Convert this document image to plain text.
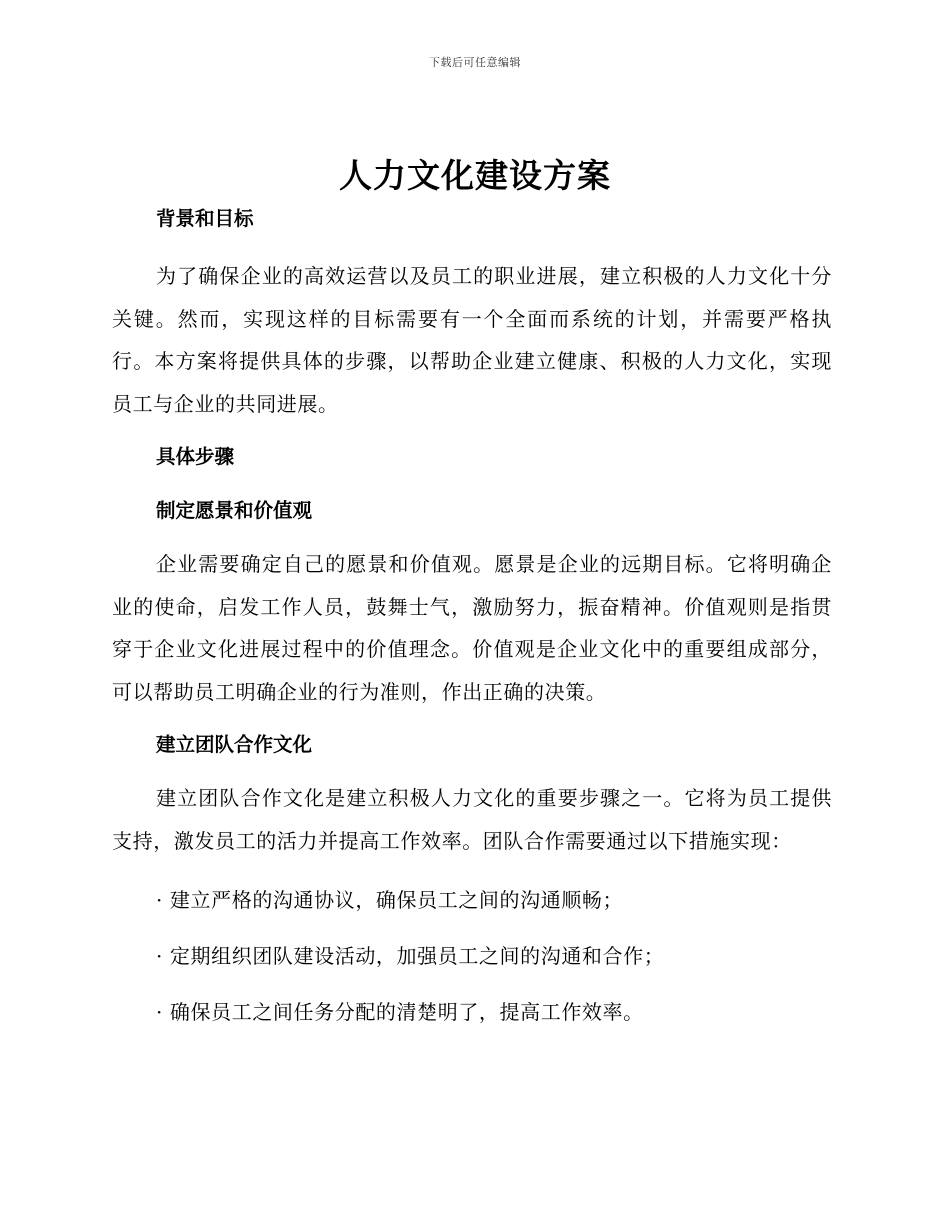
下载后可任意编辑
人力文化建设方案
背景和目标

为了确保企业的高效运营以及员工的职业进展，建立积极的人力文化十分关键。然而，实现这样的目标需要有一个全面而系统的计划，并需要严格执行。本方案将提供具体的步骤，以帮助企业建立健康、积极的人力文化，实现员工与企业的共同进展。

具体步骤
制定愿景和价值观

企业需要确定自己的愿景和价值观。愿景是企业的远期目标。它将明确企业的使命，启发工作人员，鼓舞士气，激励努力，振奋精神。价值观则是指贯穿于企业文化进展过程中的价值理念。价值观是企业文化中的重要组成部分，可以帮助员工明确企业的行为准则，作出正确的决策。

建立团队合作文化

建立团队合作文化是建立积极人力文化的重要步骤之一。它将为员工提供支持，激发员工的活力并提高工作效率。团队合作需要通过以下措施实现：

· 建立严格的沟通协议，确保员工之间的沟通顺畅；

· 定期组织团队建设活动，加强员工之间的沟通和合作；

· 确保员工之间任务分配的清楚明了，提高工作效率。
